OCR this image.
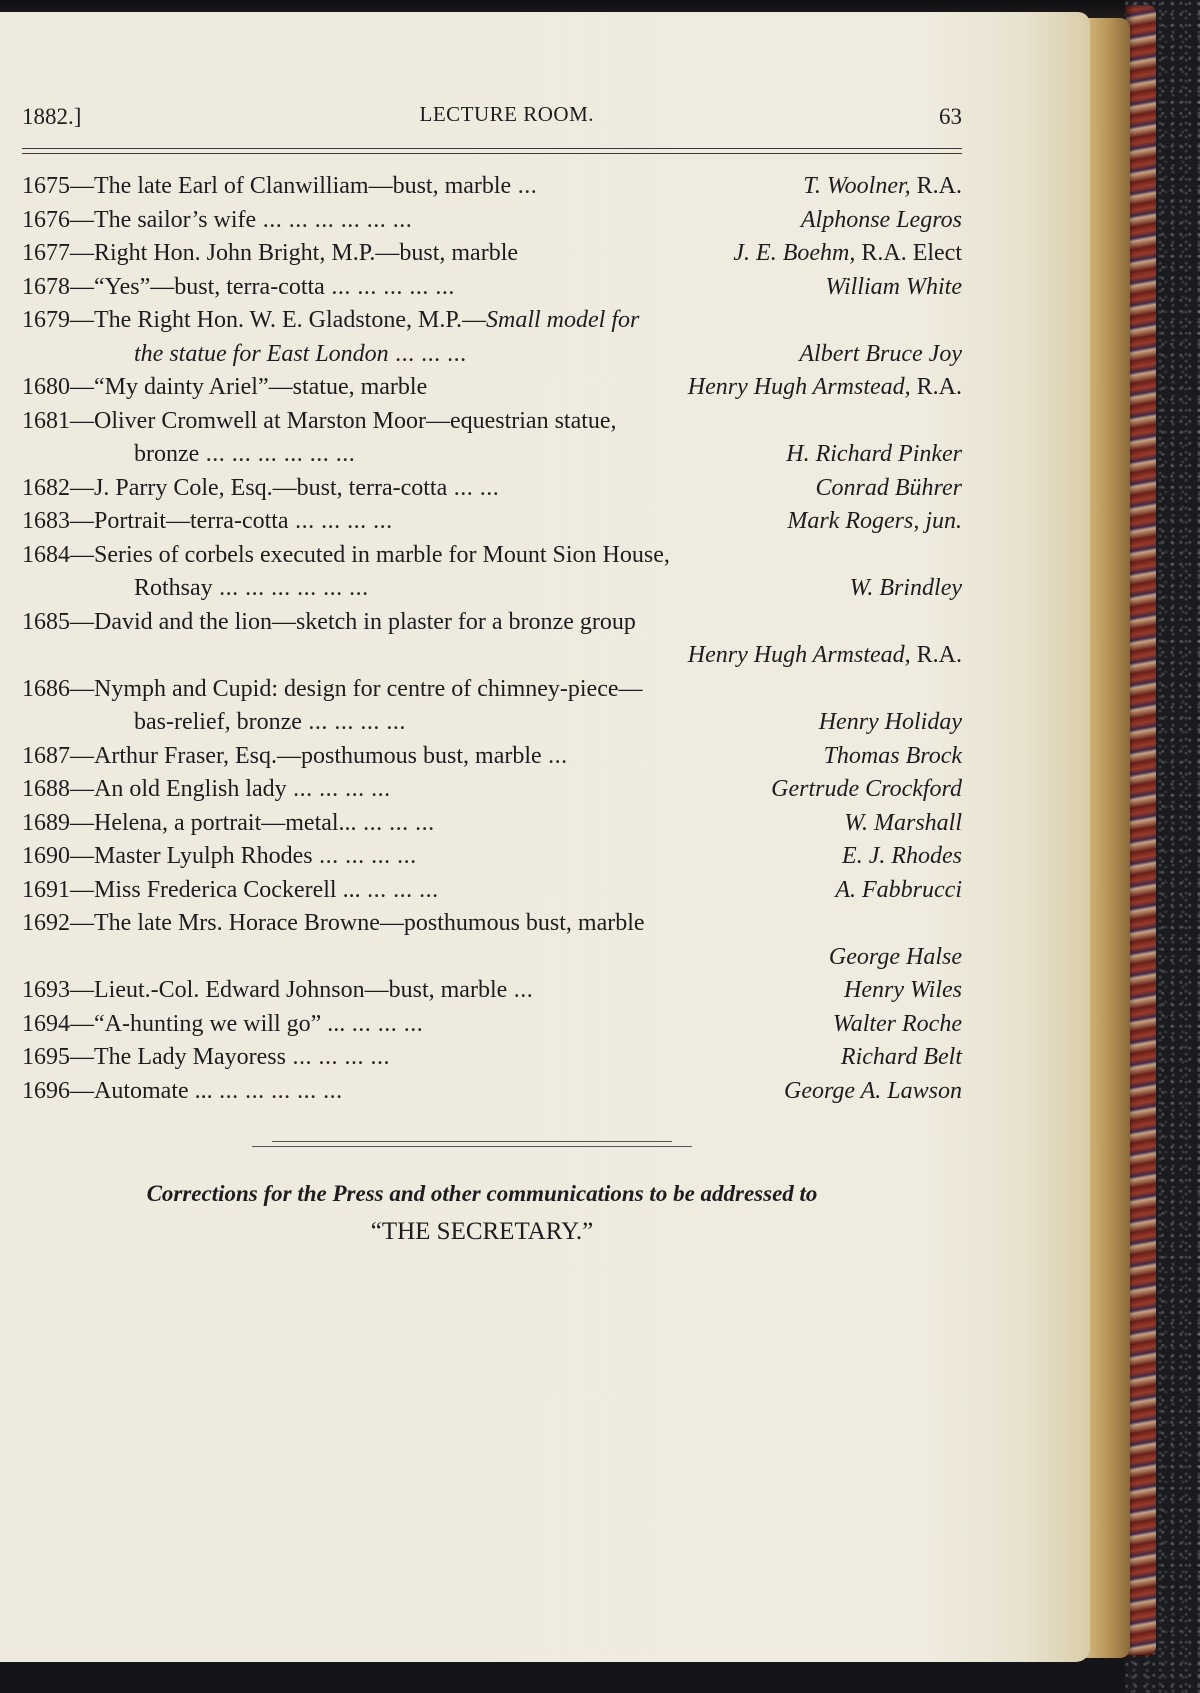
1882.]	LECTURE ROOM.	63
1675—The late Earl of Clanwilliam—bust, marble ...	T. Woolner, R.A.
1676—The sailor’s wife ... ... ... ... ... ...	Alphonse Legros
1677—Right Hon. John Bright, M.P.—bust, marble	J. E. Boehm, R.A. Elect
1678—“Yes”—bust, terra-cotta ... ... ... ... ...	William White
1679—The Right Hon. W. E. Gladstone, M.P.—Small model for
the statue for East London ... ... ...	Albert Bruce Joy
1680—“My dainty Ariel”—statue, marble	Henry Hugh Armstead, R.A.
1681—Oliver Cromwell at Marston Moor—equestrian statue,
bronze ... ... ... ... ... ...	H. Richard Pinker
1682—J. Parry Cole, Esq.—bust, terra-cotta ... ...	Conrad Bührer
1683—Portrait—terra-cotta ... ... ... ...	Mark Rogers, jun.
1684—Series of corbels executed in marble for Mount Sion House,
Rothsay ... ... ... ... ... ...	W. Brindley
1685—David and the lion—sketch in plaster for a bronze group
Henry Hugh Armstead, R.A.
1686—Nymph and Cupid: design for centre of chimney-piece—
bas-relief, bronze ... ... ... ...	Henry Holiday
1687—Arthur Fraser, Esq.—posthumous bust, marble ...	Thomas Brock
1688—An old English lady ... ... ... ...	Gertrude Crockford
1689—Helena, a portrait—metal... ... ... ...	W. Marshall
1690—Master Lyulph Rhodes ... ... ... ...	E. J. Rhodes
1691—Miss Frederica Cockerell ... ... ... ...	A. Fabbrucci
1692—The late Mrs. Horace Browne—posthumous bust, marble
George Halse
1693—Lieut.-Col. Edward Johnson—bust, marble ...	Henry Wiles
1694—“A-hunting we will go” ... ... ... ...	Walter Roche
1695—The Lady Mayoress ... ... ... ...	Richard Belt
1696—Automate ... ... ... ... ... ...	George A. Lawson
Corrections for the Press and other communications to be addressed to
“THE SECRETARY.”
